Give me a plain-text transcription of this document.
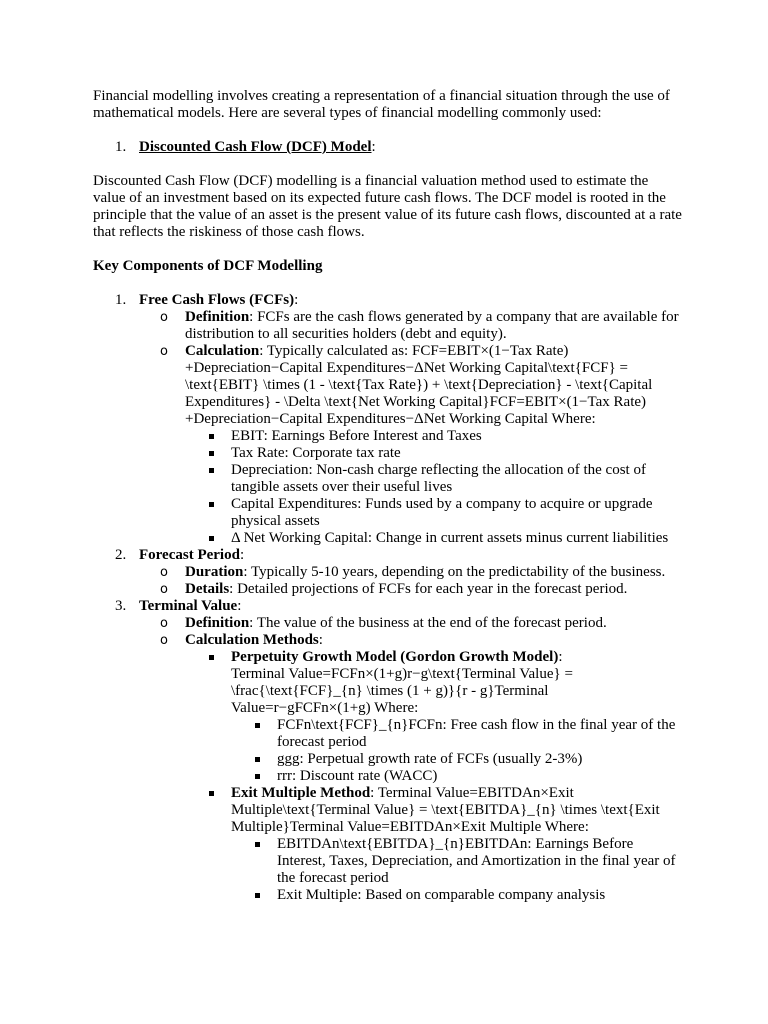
Financial modelling involves creating a representation of a financial situation through the use of mathematical models. Here are several types of financial modelling commonly used:

1. Discounted Cash Flow (DCF) Model:

Discounted Cash Flow (DCF) modelling is a financial valuation method used to estimate the value of an investment based on its expected future cash flows. The DCF model is rooted in the principle that the value of an asset is the present value of its future cash flows, discounted at a rate that reflects the riskiness of those cash flows.

Key Components of DCF Modelling

1. Free Cash Flows (FCFs):
o Definition: FCFs are the cash flows generated by a company that are available for distribution to all securities holders (debt and equity).
o Calculation: Typically calculated as: FCF=EBIT×(1−Tax Rate) +Depreciation−Capital Expenditures−ΔNet Working Capital\text{FCF} = \text{EBIT} \times (1 - \text{Tax Rate}) + \text{Depreciation} - \text{Capital Expenditures} - \Delta \text{Net Working Capital}FCF=EBIT×(1−Tax Rate) +Depreciation−Capital Expenditures−ΔNet Working Capital Where:
EBIT: Earnings Before Interest and Taxes
Tax Rate: Corporate tax rate
Depreciation: Non-cash charge reflecting the allocation of the cost of tangible assets over their useful lives
Capital Expenditures: Funds used by a company to acquire or upgrade physical assets
Δ Net Working Capital: Change in current assets minus current liabilities
2. Forecast Period:
o Duration: Typically 5-10 years, depending on the predictability of the business.
o Details: Detailed projections of FCFs for each year in the forecast period.
3. Terminal Value:
o Definition: The value of the business at the end of the forecast period.
o Calculation Methods:
Perpetuity Growth Model (Gordon Growth Model):
Terminal Value=FCFn×(1+g)r−g\text{Terminal Value} = \frac{\text{FCF}_{n} \times (1 + g)}{r - g}Terminal Value=r−gFCFn×(1+g) Where:
FCFn\text{FCF}_{n}FCFn: Free cash flow in the final year of the forecast period
ggg: Perpetual growth rate of FCFs (usually 2-3%)
rrr: Discount rate (WACC)
Exit Multiple Method: Terminal Value=EBITDAn×Exit Multiple\text{Terminal Value} = \text{EBITDA}_{n} \times \text{Exit Multiple}Terminal Value=EBITDAn×Exit Multiple Where:
EBITDAn\text{EBITDA}_{n}EBITDAn: Earnings Before Interest, Taxes, Depreciation, and Amortization in the final year of the forecast period
Exit Multiple: Based on comparable company analysis
